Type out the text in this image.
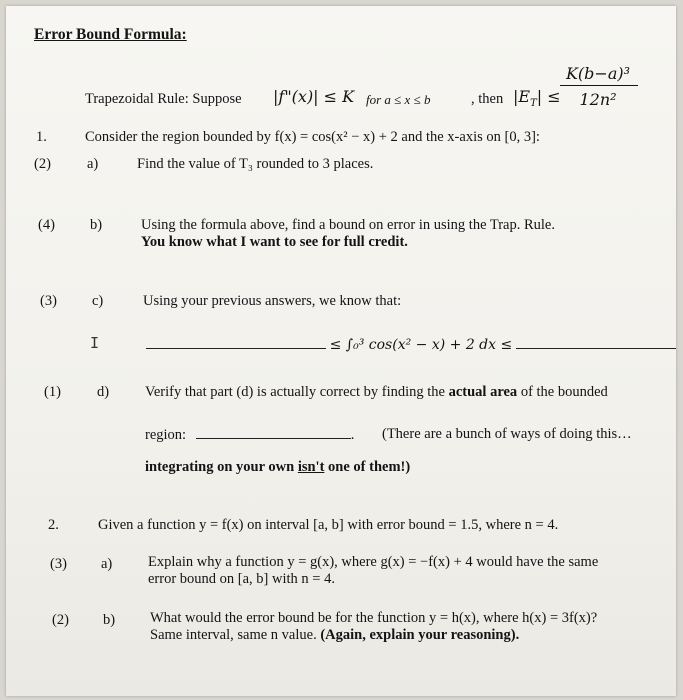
Error Bound Formula:
Trapezoidal Rule: Suppose |f"(x)| ≤ K for a ≤ x ≤ b	, then $|E_T|$ ≤
K(b−a)³
12n²
1.	Consider the region bounded by f(x) = cos(x² − x) + 2 and the x-axis on [0, 3]:
(2) a)	Find the value of T₃ rounded to 3 places.
(4) b)	Using the formula above, find a bound on error in using the Trap. Rule.
You know what I want to see for full credit.
(3) c)	Using your previous answers, we know that:
I	≤ ∫₀³ cos(x² − x) + 2 dx ≤
(1) d) Verify that part (d) is actually correct by finding the actual area of the bounded
region:	. (There are a bunch of ways of doing this…
integrating on your own isn't one of them!)
2.	Given a function y = f(x) on interval [a, b] with error bound = 1.5, where n = 4.
(3) a) Explain why a function y = g(x), where g(x) = −f(x) + 4 would have the same
error bound on [a, b] with n = 4.
(2) b) What would the error bound be for the function y = h(x), where h(x) = 3f(x)?
Same interval, same n value. (Again, explain your reasoning).
